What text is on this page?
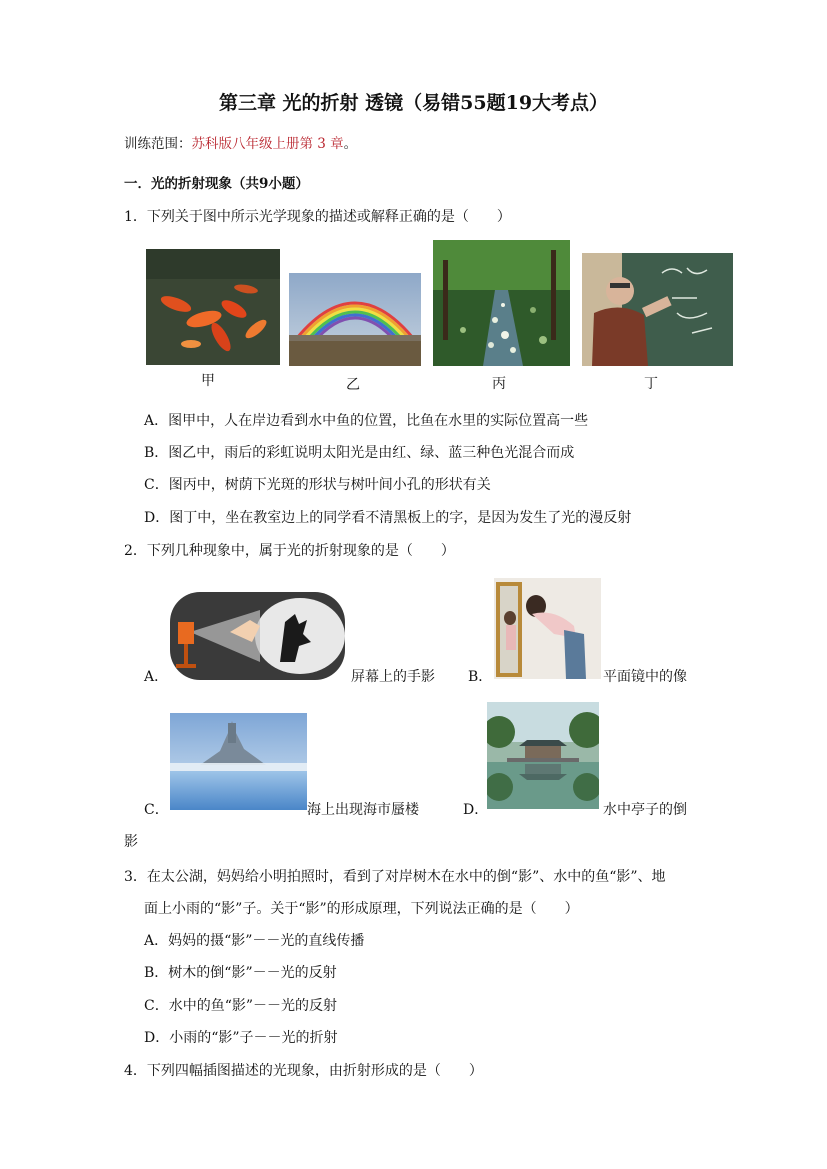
第三章 光的折射 透镜（易错55题19大考点）
训练范围：苏科版八年级上册第 3 章。
一．光的折射现象（共9小题）
1．下列关于图中所示光学现象的描述或解释正确的是（　　）
甲	乙	丙	丁
A．图甲中，人在岸边看到水中鱼的位置，比鱼在水里的实际位置高一些
B．图乙中，雨后的彩虹说明太阳光是由红、绿、蓝三种色光混合而成
C．图丙中，树荫下光斑的形状与树叶间小孔的形状有关
D．图丁中，坐在教室边上的同学看不清黑板上的字，是因为发生了光的漫反射
2．下列几种现象中，属于光的折射现象的是（　　）
A．	屏幕上的手影 B．	平面镜中的像
C．	海上出现海市蜃楼	D．	水中亭子的倒
影
3．在太公湖，妈妈给小明拍照时，看到了对岸树木在水中的倒“影”、水中的鱼“影”、地
面上小雨的“影”子。关于“影”的形成原理，下列说法正确的是（　　）
A．妈妈的摄“影”－－光的直线传播
B．树木的倒“影”－－光的反射
C．水中的鱼“影”－－光的反射
D．小雨的“影”子－－光的折射
4．下列四幅插图描述的光现象，由折射形成的是（　　）
